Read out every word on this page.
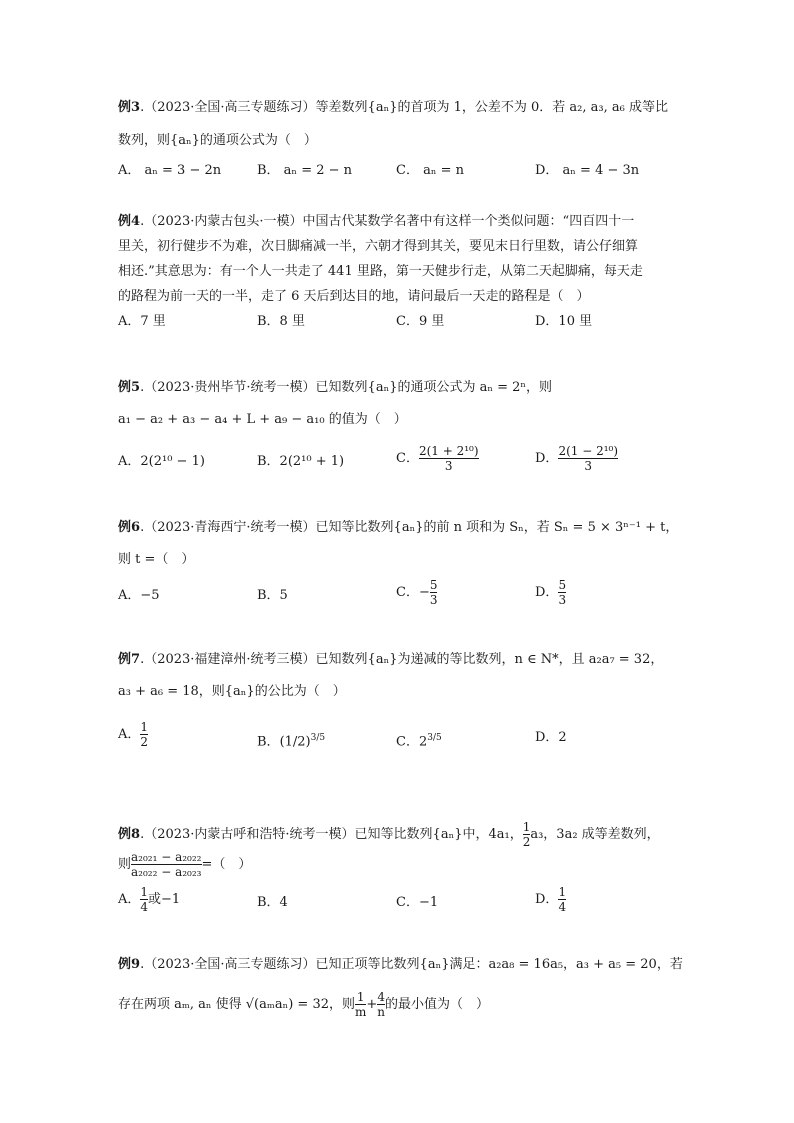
例3.（2023·全国·高三专题练习）等差数列{aₙ}的首项为 1，公差不为 0．若 a₂, a₃, a₆ 成等比
数列，则{aₙ}的通项公式为（　）
A． aₙ = 3 − 2n	B． aₙ = 2 − n	C． aₙ = n	D． aₙ = 4 − 3n
例4.（2023·内蒙古包头·一模）中国古代某数学名著中有这样一个类似问题：“四百四十一
里关，初行健步不为难，次日脚痛减一半，六朝才得到其关，要见末日行里数，请公仔细算
相还.”其意思为：有一个人一共走了 441 里路，第一天健步行走，从第二天起脚痛，每天走
的路程为前一天的一半，走了 6 天后到达目的地，请问最后一天走的路程是（　）
A．7 里	B．8 里	C．9 里	D．10 里
例5.（2023·贵州毕节·统考一模）已知数列{aₙ}的通项公式为 aₙ = 2ⁿ，则
a₁ − a₂ + a₃ − a₄ + L + a₉ − a₁₀ 的值为（　）
A．2(2¹⁰ − 1)	B．2(2¹⁰ + 1)	C． $\frac{\text{2(1 + 2¹⁰)}}{3}$	D． $\frac{\text{2(1 − 2¹⁰)}}{3}$
例6.（2023·青海西宁·统考一模）已知等比数列{aₙ}的前 n 项和为 Sₙ，若 Sₙ = 5 × 3ⁿ⁻¹ + t，
则 t =（　）
A．−5	B．5	C．− $\frac{5}{3}$	D． $\frac{5}{3}$
例7.（2023·福建漳州·统考三模）已知数列{aₙ}为递减的等比数列，n ∈ N*，且 a₂a₇ = 32，
a₃ + a₆ = 18，则{aₙ}的公比为（　）
A． $\frac{1}{2}$	B．$(1/2)^{3/5}$	C．$2^{3/5}$	D．2
例8.（2023·内蒙古呼和浩特·统考一模）已知等比数列{aₙ}中，4a₁， $\frac{1}{2} a_3$，3a₂ 成等差数列，
则 $\frac{\text{a₂₀₂₁ − a₂₀₂₂}}{\text{a₂₀₂₂ − a₂₀₂₃}}$ =（　）
A． $\frac{1}{4}$ 或−1	B．4	C．−1	D． $\frac{1}{4}$
例9.（2023·全国·高三专题练习）已知正项等比数列{aₙ}满足：a₂a₈ = 16a₅，a₃ + a₅ = 20，若
存在两项 aₘ, aₙ 使得 √(aₘaₙ) = 32，则 $\frac{1}{m} + \frac{4}{n}$ 的最小值为（　）
